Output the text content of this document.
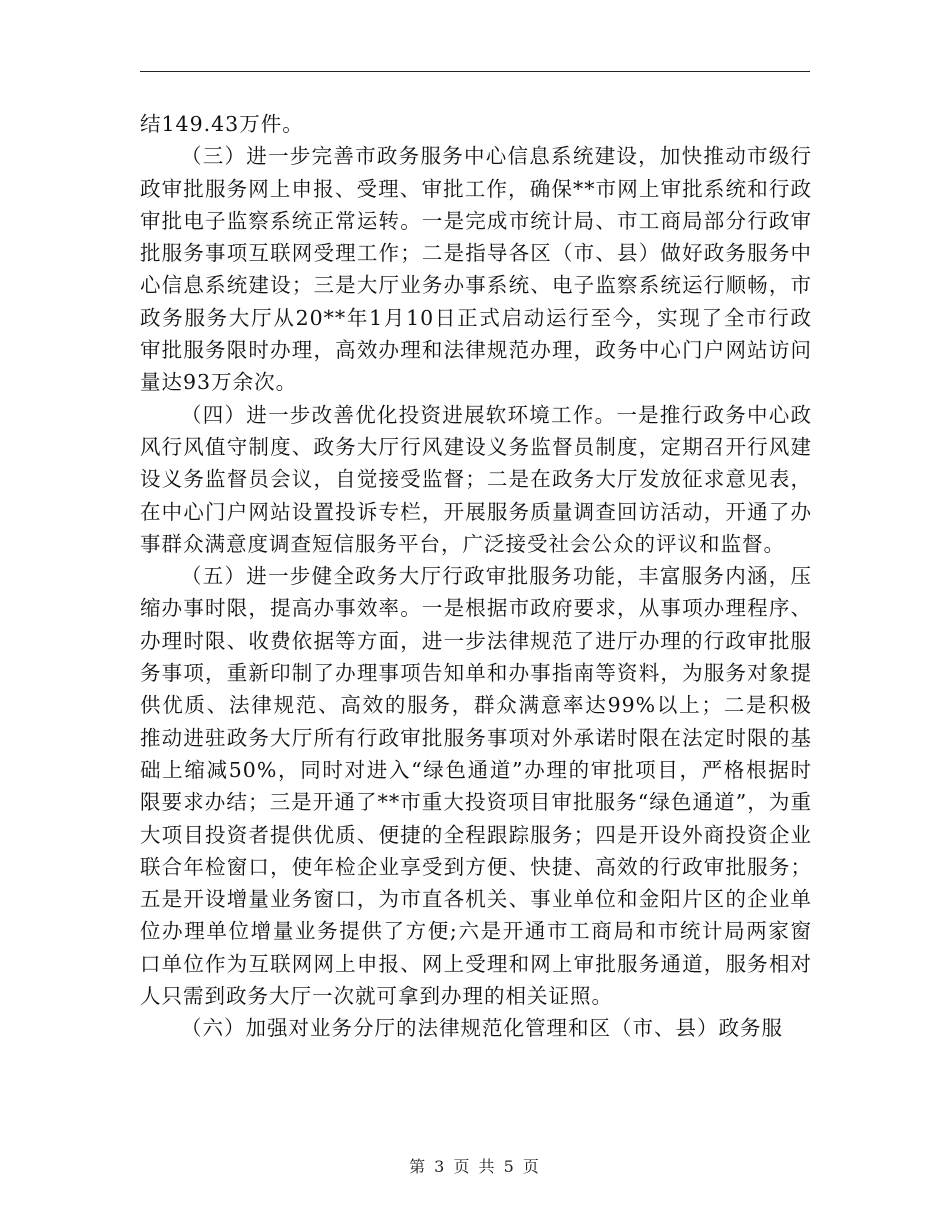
结149.43万件。

（三）进一步完善市政务服务中心信息系统建设，加快推动市级行政审批服务网上申报、受理、审批工作，确保**市网上审批系统和行政审批电子监察系统正常运转。一是完成市统计局、市工商局部分行政审批服务事项互联网受理工作；二是指导各区（市、县）做好政务服务中心信息系统建设；三是大厅业务办事系统、电子监察系统运行顺畅，市政务服务大厅从20**年1月10日正式启动运行至今，实现了全市行政审批服务限时办理，高效办理和法律规范办理，政务中心门户网站访问量达93万余次。

（四）进一步改善优化投资进展软环境工作。一是推行政务中心政风行风值守制度、政务大厅行风建设义务监督员制度，定期召开行风建设义务监督员会议，自觉接受监督；二是在政务大厅发放征求意见表，在中心门户网站设置投诉专栏，开展服务质量调查回访活动，开通了办事群众满意度调查短信服务平台，广泛接受社会公众的评议和监督。

（五）进一步健全政务大厅行政审批服务功能，丰富服务内涵，压缩办事时限，提高办事效率。一是根据市政府要求，从事项办理程序、办理时限、收费依据等方面，进一步法律规范了进厅办理的行政审批服务事项，重新印制了办理事项告知单和办事指南等资料，为服务对象提供优质、法律规范、高效的服务，群众满意率达99%以上；二是积极推动进驻政务大厅所有行政审批服务事项对外承诺时限在法定时限的基础上缩减50%，同时对进入“绿色通道”办理的审批项目，严格根据时限要求办结；三是开通了**市重大投资项目审批服务“绿色通道”，为重大项目投资者提供优质、便捷的全程跟踪服务；四是开设外商投资企业联合年检窗口，使年检企业享受到方便、快捷、高效的行政审批服务；五是开设增量业务窗口，为市直各机关、事业单位和金阳片区的企业单位办理单位增量业务提供了方便;六是开通市工商局和市统计局两家窗口单位作为互联网网上申报、网上受理和网上审批服务通道，服务相对人只需到政务大厅一次就可拿到办理的相关证照。

（六）加强对业务分厅的法律规范化管理和区（市、县）政务服

第 3 页 共 5 页
